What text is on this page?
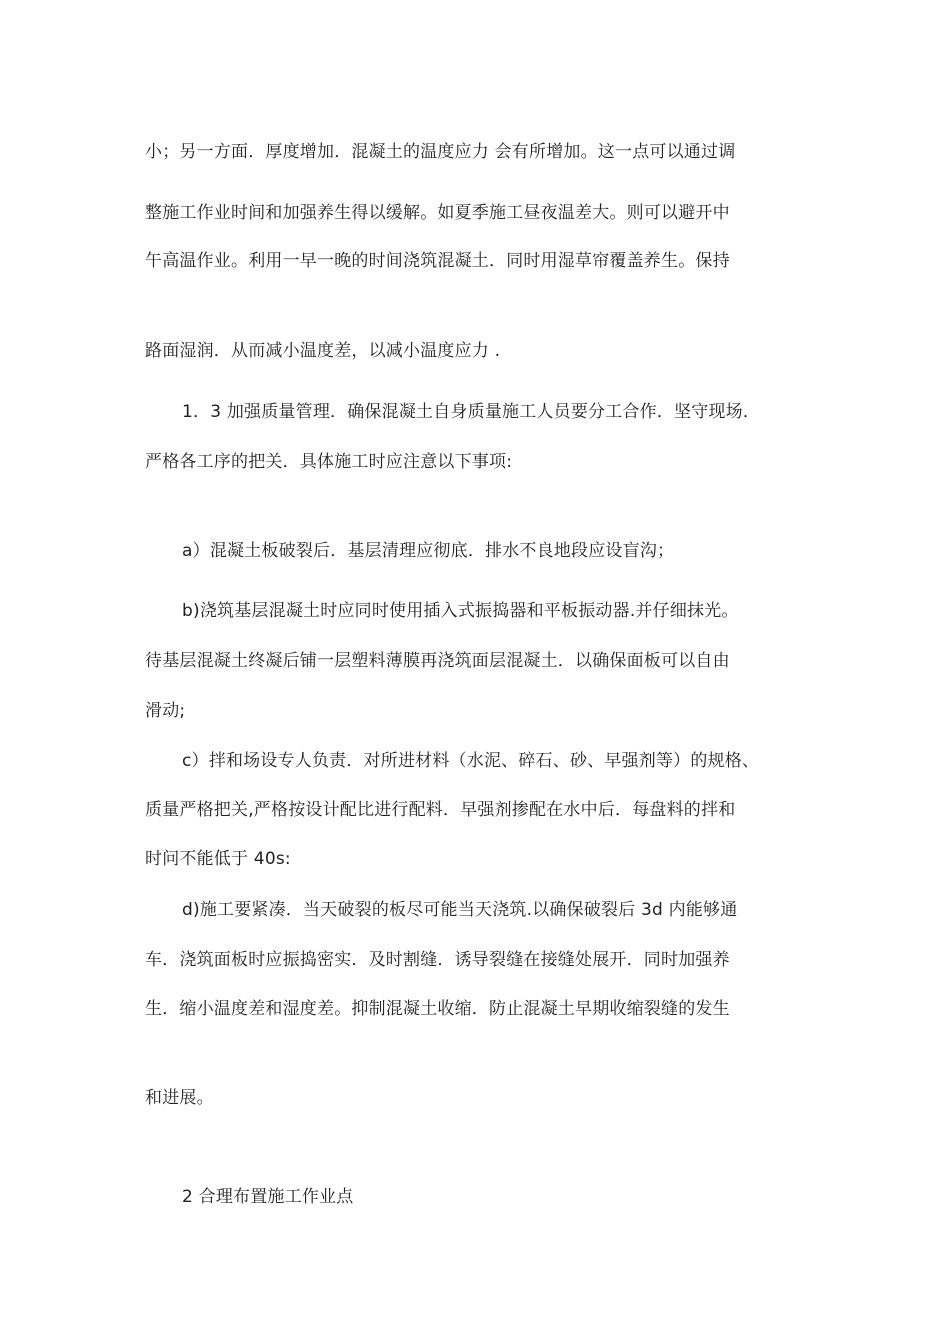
小；另一方面．厚度增加．混凝土的温度应力 会有所增加。这一点可以通过调
整施工作业时间和加强养生得以缓解。如夏季施工昼夜温差大。则可以避开中
午高温作业。利用一早一晚的时间浇筑混凝土．同时用湿草帘覆盖养生。保持
路面湿润．从而减小温度差，以减小温度应力 .
1．3 加强质量管理．确保混凝土自身质量施工人员要分工合作．坚守现场．
严格各工序的把关．具体施工时应注意以下事项:
a）混凝土板破裂后．基层清理应彻底．排水不良地段应设盲沟；
b)浇筑基层混凝土时应同时使用插入式振捣器和平板振动器.并仔细抹光。
待基层混凝土终凝后铺一层塑料薄膜再浇筑面层混凝土．以确保面板可以自由
滑动;
c）拌和场设专人负责．对所进材料（水泥、碎石、砂、早强剂等）的规格、
质量严格把关,严格按设计配比进行配料．早强剂掺配在水中后．每盘料的拌和
时问不能低于 40s:
d)施工要紧凑．当天破裂的板尽可能当天浇筑.以确保破裂后 3d 内能够通
车．浇筑面板时应振捣密实．及时割缝．诱导裂缝在接缝处展开．同时加强养
生．缩小温度差和湿度差。抑制混凝土收缩．防止混凝土早期收缩裂缝的发生
和进展。
2 合理布置施工作业点
